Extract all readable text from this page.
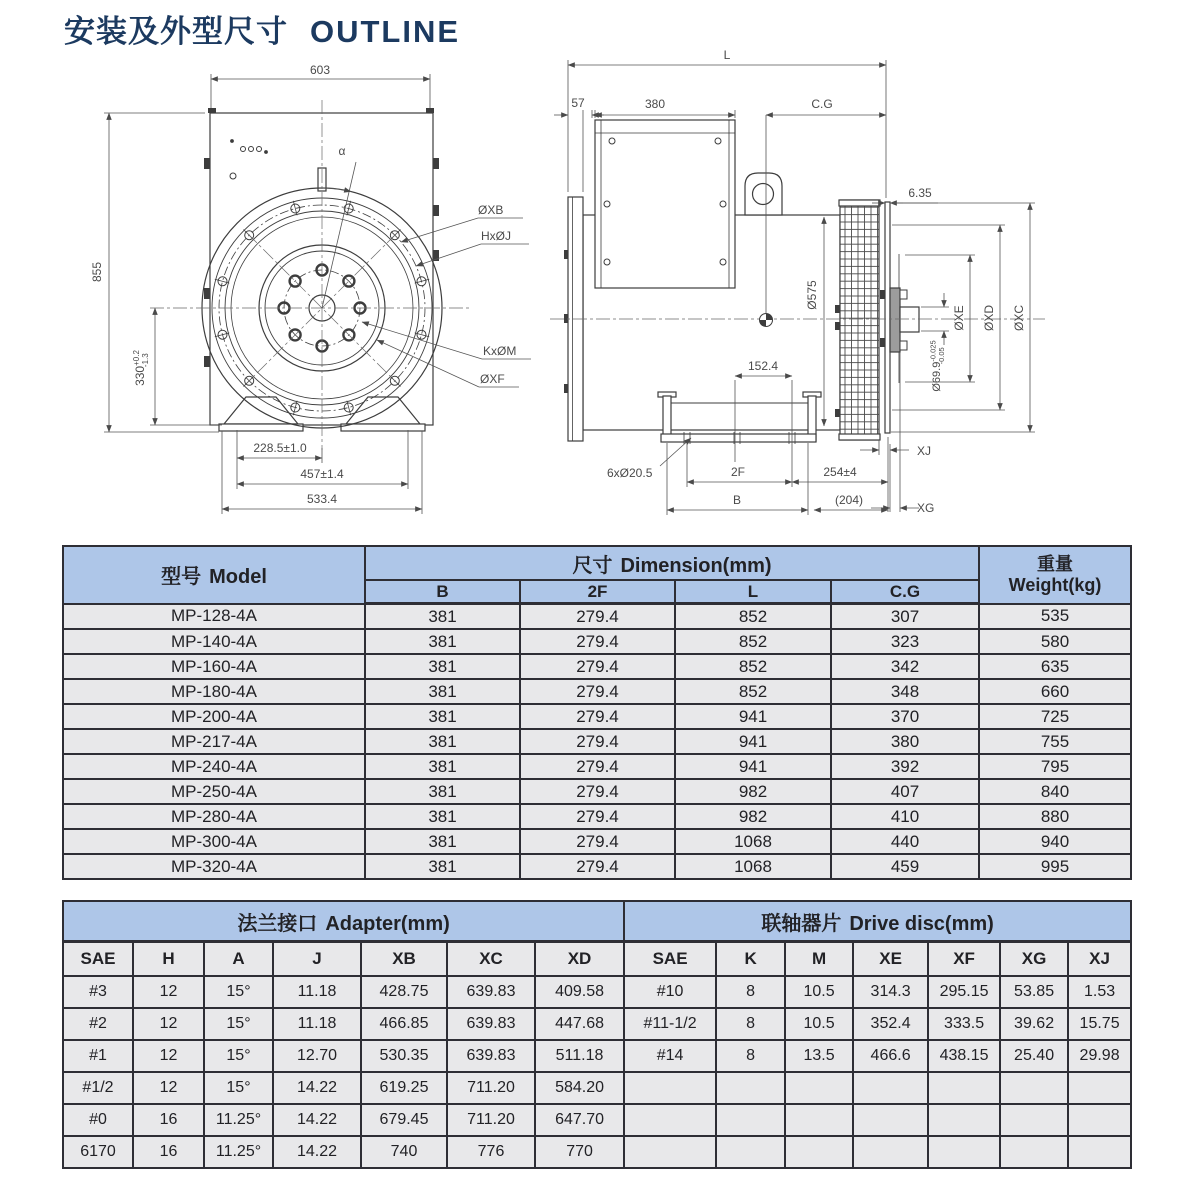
安装及外型尺寸 OUTLINE
603
855
$330^{+0.2}-1.3$
α
ØXB
HxØJ
KxØM
ØXF
228.5±1.0
457±1.4
533.4
L
57	380	C.G
6.35
Ø575
ØXE ØXD ØXC
$Ø69.9^{-0.025}-0.05$
152.4
6xØ20.5	2F	254±4
B	(204)
XJ
XG
型号 Model	尺寸 Dimension(mm)				重量
Weight(kg)

	B	2F	L	C.G	
MP-128-4A	381	279.4	852	307	535
MP-140-4A	381	279.4	852	323	580
MP-160-4A	381	279.4	852	342	635
MP-180-4A	381	279.4	852	348	660
MP-200-4A	381	279.4	941	370	725
MP-217-4A	381	279.4	941	380	755
MP-240-4A	381	279.4	941	392	795
MP-250-4A	381	279.4	982	407	840
MP-280-4A	381	279.4	982	410	880
MP-300-4A	381	279.4	1068	440	940
MP-320-4A	381	279.4	1068	459	995
法兰接口 Adapter(mm)							联轴器片 Drive disc(mm)						
SAE	H	A	J	XB	XC	XD	SAE	K	M	XE	XF	XG	XJ
#3	12	15°	11.18	428.75	639.83	409.58	#10	8	10.5	314.3	295.15	53.85	1.53
#2	12	15°	11.18	466.85	639.83	447.68	#11-1/2	8	10.5	352.4	333.5	39.62	15.75
#1	12	15°	12.70	530.35	639.83	511.18	#14	8	13.5	466.6	438.15	25.40	29.98
#1/2	12	15°	14.22	619.25	711.20	584.20							
#0	16	11.25°	14.22	679.45	711.20	647.70							
6170	16	11.25°	14.22	740	776	770							
